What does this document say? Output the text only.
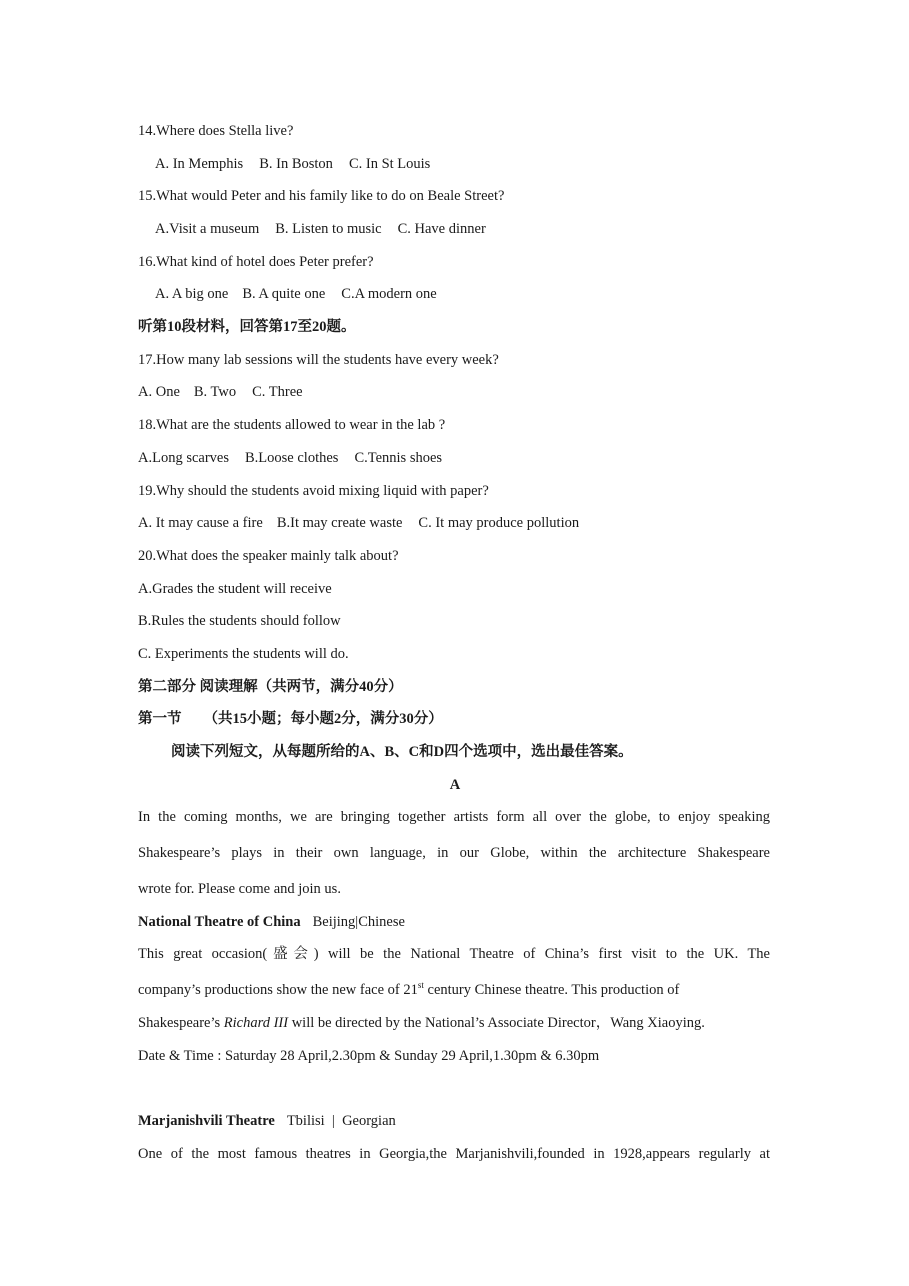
14.Where does Stella live?
A. In Memphis B. In Boston C. In St Louis
15.What would Peter and his family like to do on Beale Street?
A.Visit a museum B. Listen to music C. Have dinner
16.What kind of hotel does Peter prefer?
A. A big one B. A quite one C.A modern one
听第10段材料，回答第17至20题。
17.How many lab sessions will the students have every week?
A. One B. Two C. Three
18.What are the students allowed to wear in the lab ?
A.Long scarves B.Loose clothes C.Tennis shoes
19.Why should the students avoid mixing liquid with paper?
A. It may cause a fire B.It may create waste C. It may produce pollution
20.What does the speaker mainly talk about?
A.Grades the student will receive
B.Rules the students should follow
C. Experiments the students will do.
第二部分 阅读理解（共两节，满分40分）
第一节 （共15小题；每小题2分，满分30分）
阅读下列短文，从每题所给的A、B、C和D四个选项中，选出最佳答案。
A
In the coming months, we are bringing together artists form all over the globe, to enjoy speaking
Shakespeare’s plays in their own language, in our Globe, within the architecture Shakespeare
wrote for. Please come and join us.
National Theatre of China Beijing|Chinese
This great occasion(盛会) will be the National Theatre of China’s first visit to the UK. The
company’s productions show the new face of 21st century Chinese theatre. This production of
Shakespeare’s Richard III will be directed by the National’s Associate Director，Wang Xiaoying.
Date & Time : Saturday 28 April,2.30pm & Sunday 29 April,1.30pm & 6.30pm
Marjanishvili Theatre Tbilisi  |  Georgian
One of the most famous theatres in Georgia,the Marjanishvili,founded in 1928,appears regularly at
